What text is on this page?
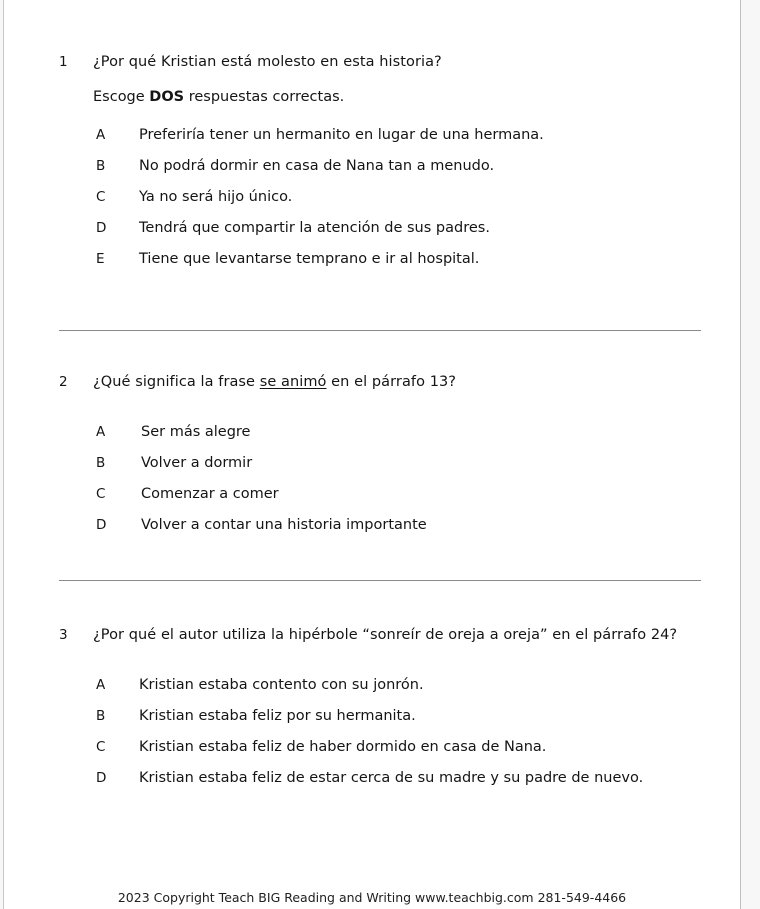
1	¿Por qué Kristian está molesto en esta historia?
Escoge DOS respuestas correctas.
A Preferiría tener un hermanito en lugar de una hermana.
B No podrá dormir en casa de Nana tan a menudo.
C Ya no será hijo único.
D Tendrá que compartir la atención de sus padres.
E Tiene que levantarse temprano e ir al hospital.
2	¿Qué significa la frase se animó en el párrafo 13?
A Ser más alegre
B Volver a dormir
C Comenzar a comer
D Volver a contar una historia importante
3	¿Por qué el autor utiliza la hipérbole “sonreír de oreja a oreja” en el párrafo 24?
A Kristian estaba contento con su jonrón.
B Kristian estaba feliz por su hermanita.
C Kristian estaba feliz de haber dormido en casa de Nana.
D Kristian estaba feliz de estar cerca de su madre y su padre de nuevo.
2023 Copyright Teach BIG Reading and Writing www.teachbig.com 281-549-4466
